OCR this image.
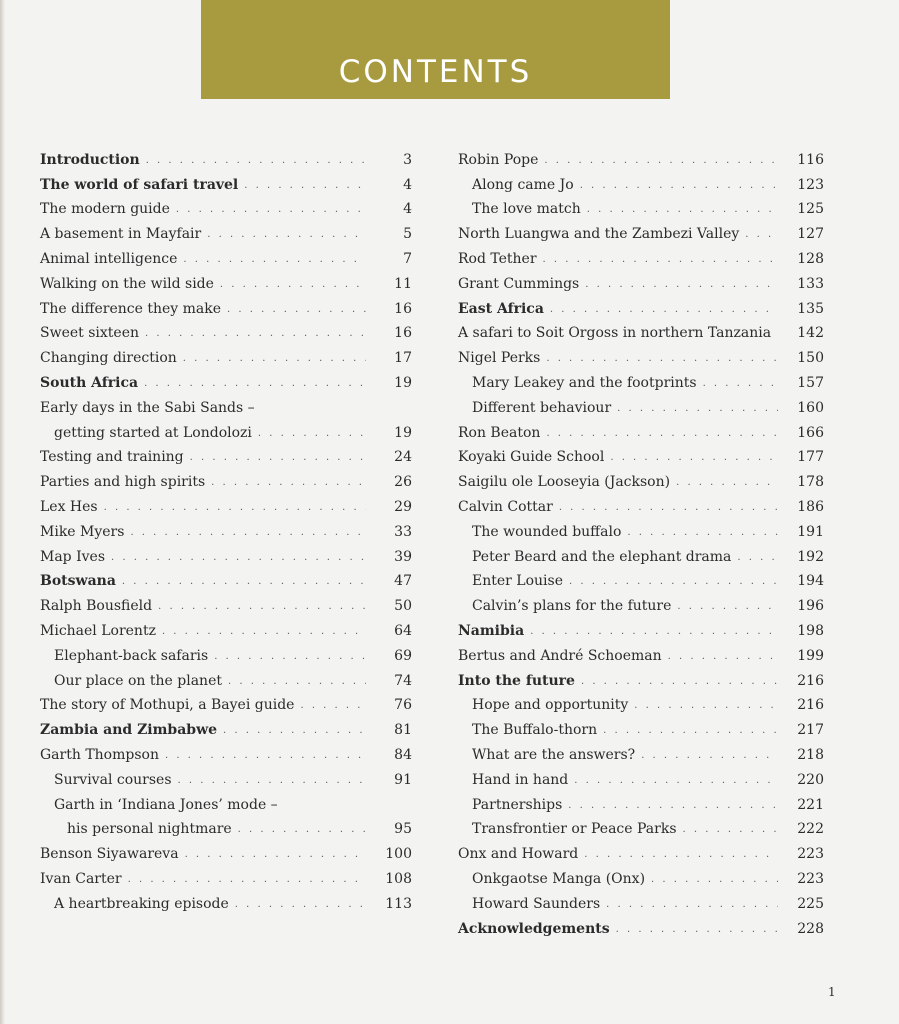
CONTENTS
Introduction . . .	3
The world of safari travel . . .	4
The modern guide . . .	4
A basement in Mayfair . . .	5
Animal intelligence . . .	7
Walking on the wild side . . .	11
The difference they make . . .	16
Sweet sixteen . . .	16
Changing direction . . .	17
South Africa . . .	19
Early days in the Sabi Sands –
getting started at Londolozi . . .	19
Testing and training . . .	24
Parties and high spirits . . .	26
Lex Hes . . .	29
Mike Myers . . .	33
Map Ives . . .	39
Botswana . . .	47
Ralph Bousfield . . .	50
Michael Lorentz . . .	64
Elephant-back safaris . . .	69
Our place on the planet . . .	74
The story of Mothupi, a Bayei guide . . .	76
Zambia and Zimbabwe . . .	81
Garth Thompson . . .	84
Survival courses . . .	91
Garth in ‘Indiana Jones’ mode –
his personal nightmare . . .	95
Benson Siyawareva . . .	100
Ivan Carter . . .	108
A heartbreaking episode . . .	113
Robin Pope . . .	116
Along came Jo . . .	123
The love match . . .	125
North Luangwa and the Zambezi Valley . . .	127
Rod Tether . . .	128
Grant Cummings . . .	133
East Africa . . .	135
A safari to Soit Orgoss in northern Tanzania . . .	142
Nigel Perks . . .	150
Mary Leakey and the footprints . . .	157
Different behaviour . . .	160
Ron Beaton . . .	166
Koyaki Guide School . . .	177
Saigilu ole Looseyia (Jackson) . . .	178
Calvin Cottar . . .	186
The wounded buffalo . . .	191
Peter Beard and the elephant drama . . .	192
Enter Louise . . .	194
Calvin’s plans for the future . . .	196
Namibia . . .	198
Bertus and André Schoeman . . .	199
Into the future . . .	216
Hope and opportunity . . .	216
The Buffalo-thorn . . .	217
What are the answers? . . .	218
Hand in hand . . .	220
Partnerships . . .	221
Transfrontier or Peace Parks . . .	222
Onx and Howard . . .	223
Onkgaotse Manga (Onx) . . .	223
Howard Saunders . . .	225
Acknowledgements . . .	228
1
